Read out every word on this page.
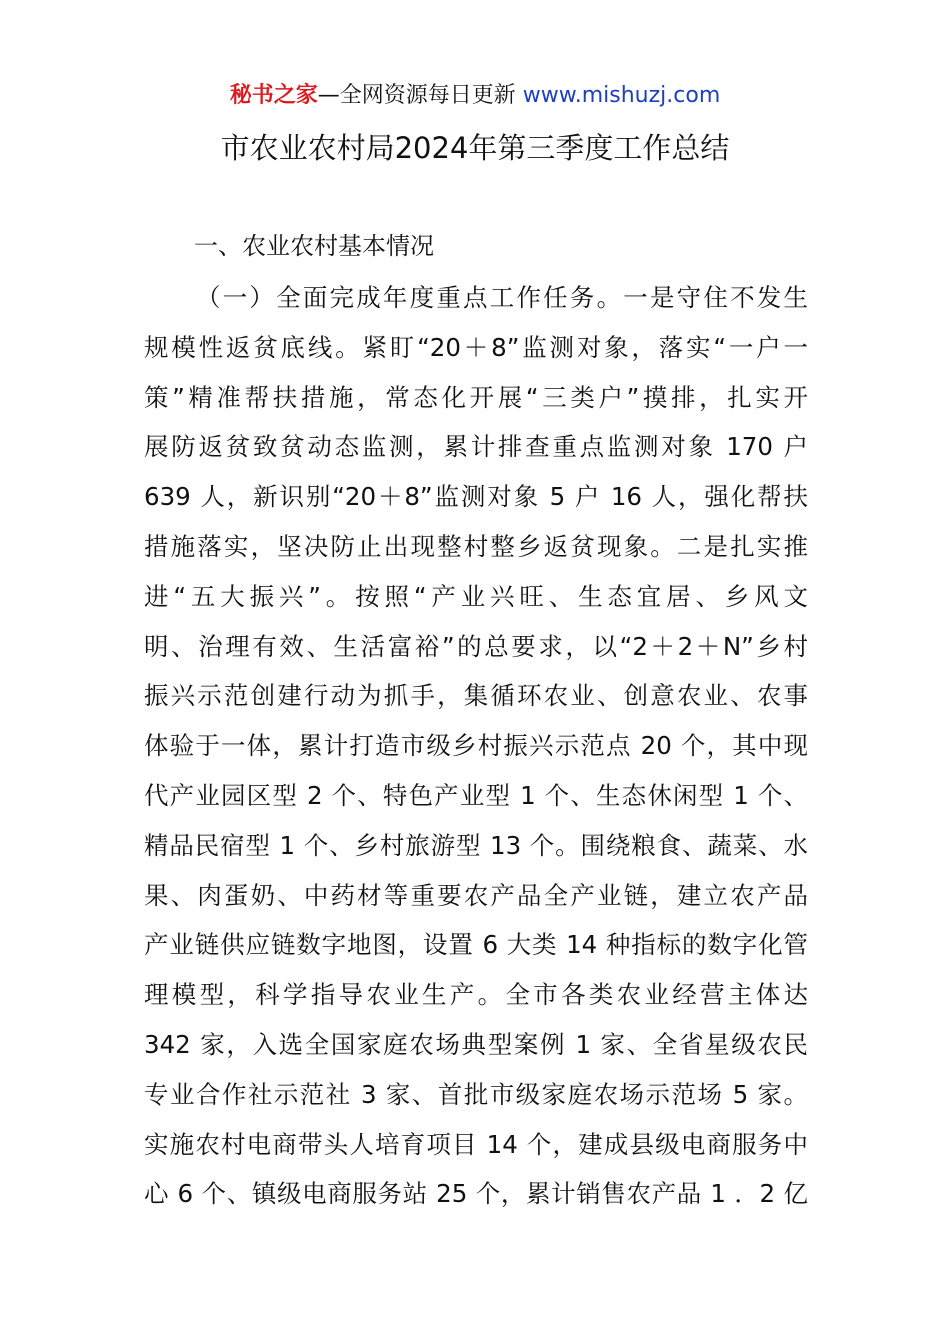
秘书之家—全网资源每日更新 www.mishuzj.com
市农业农村局2024年第三季度工作总结
一、农业农村基本情况
（一）全面完成年度重点工作任务。一是守住不发生
规模性返贫底线。紧盯“20＋8”监测对象，落实“一户一
策”精准帮扶措施，常态化开展“三类户”摸排，扎实开
展防返贫致贫动态监测，累计排查重点监测对象 170 户
639 人，新识别“20＋8”监测对象 5 户 16 人，强化帮扶
措施落实，坚决防止出现整村整乡返贫现象。二是扎实推
进“五大振兴”。按照“产业兴旺、生态宜居、乡风文
明、治理有效、生活富裕”的总要求，以“2＋2＋N”乡村
振兴示范创建行动为抓手，集循环农业、创意农业、农事
体验于一体，累计打造市级乡村振兴示范点 20 个，其中现
代产业园区型 2 个、特色产业型 1 个、生态休闲型 1 个、
精品民宿型 1 个、乡村旅游型 13 个。围绕粮食、蔬菜、水
果、肉蛋奶、中药材等重要农产品全产业链，建立农产品
产业链供应链数字地图，设置 6 大类 14 种指标的数字化管
理模型，科学指导农业生产。全市各类农业经营主体达
342 家，入选全国家庭农场典型案例 1 家、全省星级农民
专业合作社示范社 3 家、首批市级家庭农场示范场 5 家。
实施农村电商带头人培育项目 14 个，建成县级电商服务中
心 6 个、镇级电商服务站 25 个，累计销售农产品 1 ．2 亿
